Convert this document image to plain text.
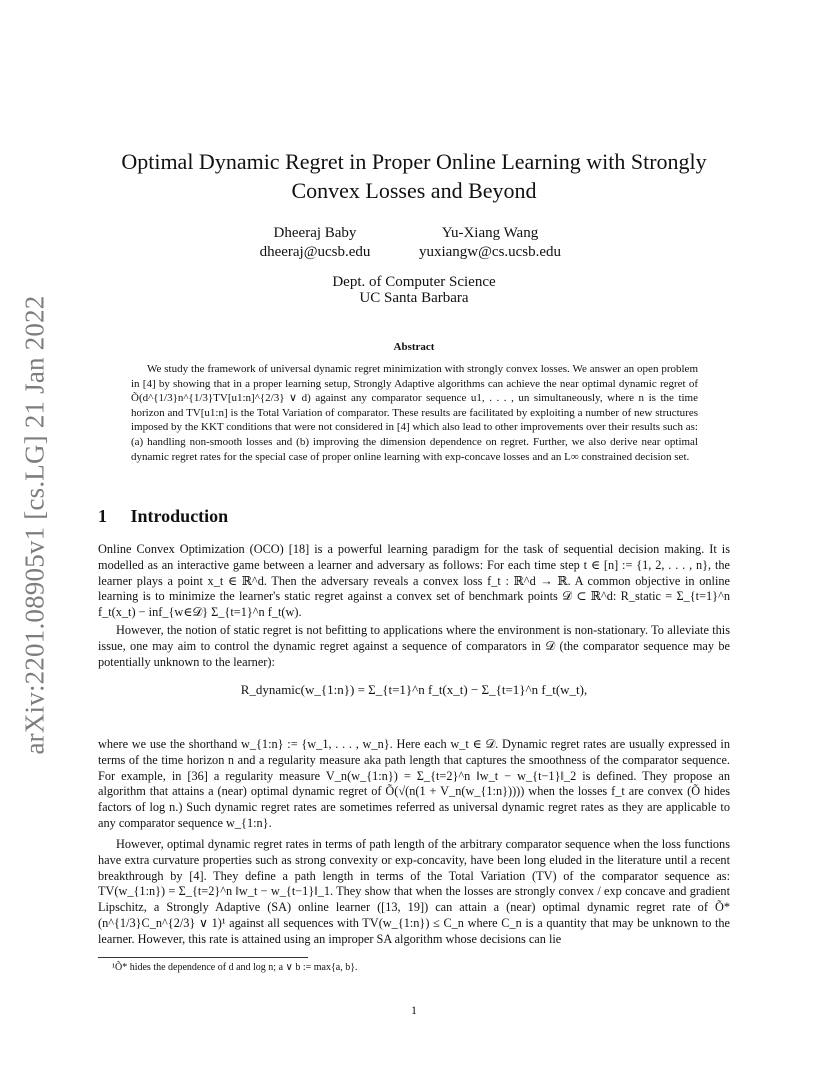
arXiv:2201.08905v1 [cs.LG] 21 Jan 2022
Optimal Dynamic Regret in Proper Online Learning with Strongly Convex Losses and Beyond
Dheeraj Baby
dheeraj@ucsb.edu
Yu-Xiang Wang
yuxiangw@cs.ucsb.edu
Dept. of Computer Science
UC Santa Barbara
Abstract
We study the framework of universal dynamic regret minimization with strongly convex losses. We answer an open problem in [4] by showing that in a proper learning setup, Strongly Adaptive algorithms can achieve the near optimal dynamic regret of Õ(d^{1/3}n^{1/3}TV[u1:n]^{2/3} ∨ d) against any comparator sequence u1, . . . , un simultaneously, where n is the time horizon and TV[u1:n] is the Total Variation of comparator. These results are facilitated by exploiting a number of new structures imposed by the KKT conditions that were not considered in [4] which also lead to other improvements over their results such as: (a) handling non-smooth losses and (b) improving the dimension dependence on regret. Further, we also derive near optimal dynamic regret rates for the special case of proper online learning with exp-concave losses and an L∞ constrained decision set.
1 Introduction
Online Convex Optimization (OCO) [18] is a powerful learning paradigm for the task of sequential decision making. It is modelled as an interactive game between a learner and adversary as follows: For each time step t ∈ [n] := {1, 2, . . . , n}, the learner plays a point x_t ∈ ℝ^d. Then the adversary reveals a convex loss f_t : ℝ^d → ℝ. A common objective in online learning is to minimize the learner's static regret against a convex set of benchmark points 𝒟 ⊂ ℝ^d: R_static = Σ_{t=1}^n f_t(x_t) − inf_{w∈𝒟} Σ_{t=1}^n f_t(w).
However, the notion of static regret is not befitting to applications where the environment is non-stationary. To alleviate this issue, one may aim to control the dynamic regret against a sequence of comparators in 𝒟 (the comparator sequence may be potentially unknown to the learner):
R_dynamic(w_{1:n}) = Σ_{t=1}^n f_t(x_t) − Σ_{t=1}^n f_t(w_t),
where we use the shorthand w_{1:n} := {w_1, . . . , w_n}. Here each w_t ∈ 𝒟. Dynamic regret rates are usually expressed in terms of the time horizon n and a regularity measure aka path length that captures the smoothness of the comparator sequence. For example, in [36] a regularity measure V_n(w_{1:n}) = Σ_{t=2}^n ‖w_t − w_{t−1}‖_2 is defined. They propose an algorithm that attains a (near) optimal dynamic regret of Õ(√(n(1 + V_n(w_{1:n})))) when the losses f_t are convex (Õ hides factors of log n.) Such dynamic regret rates are sometimes referred as universal dynamic regret rates as they are applicable to any comparator sequence w_{1:n}.
However, optimal dynamic regret rates in terms of path length of the arbitrary comparator sequence when the loss functions have extra curvature properties such as strong convexity or exp-concavity, have been long eluded in the literature until a recent breakthrough by [4]. They define a path length in terms of the Total Variation (TV) of the comparator sequence as: TV(w_{1:n}) = Σ_{t=2}^n ‖w_t − w_{t−1}‖_1. They show that when the losses are strongly convex / exp concave and gradient Lipschitz, a Strongly Adaptive (SA) online learner ([13, 19]) can attain a (near) optimal dynamic regret rate of Õ*(n^{1/3}C_n^{2/3} ∨ 1)¹ against all sequences with TV(w_{1:n}) ≤ C_n where C_n is a quantity that may be unknown to the learner. However, this rate is attained using an improper SA algorithm whose decisions can lie
¹Õ* hides the dependence of d and log n; a ∨ b := max{a, b}.
1
